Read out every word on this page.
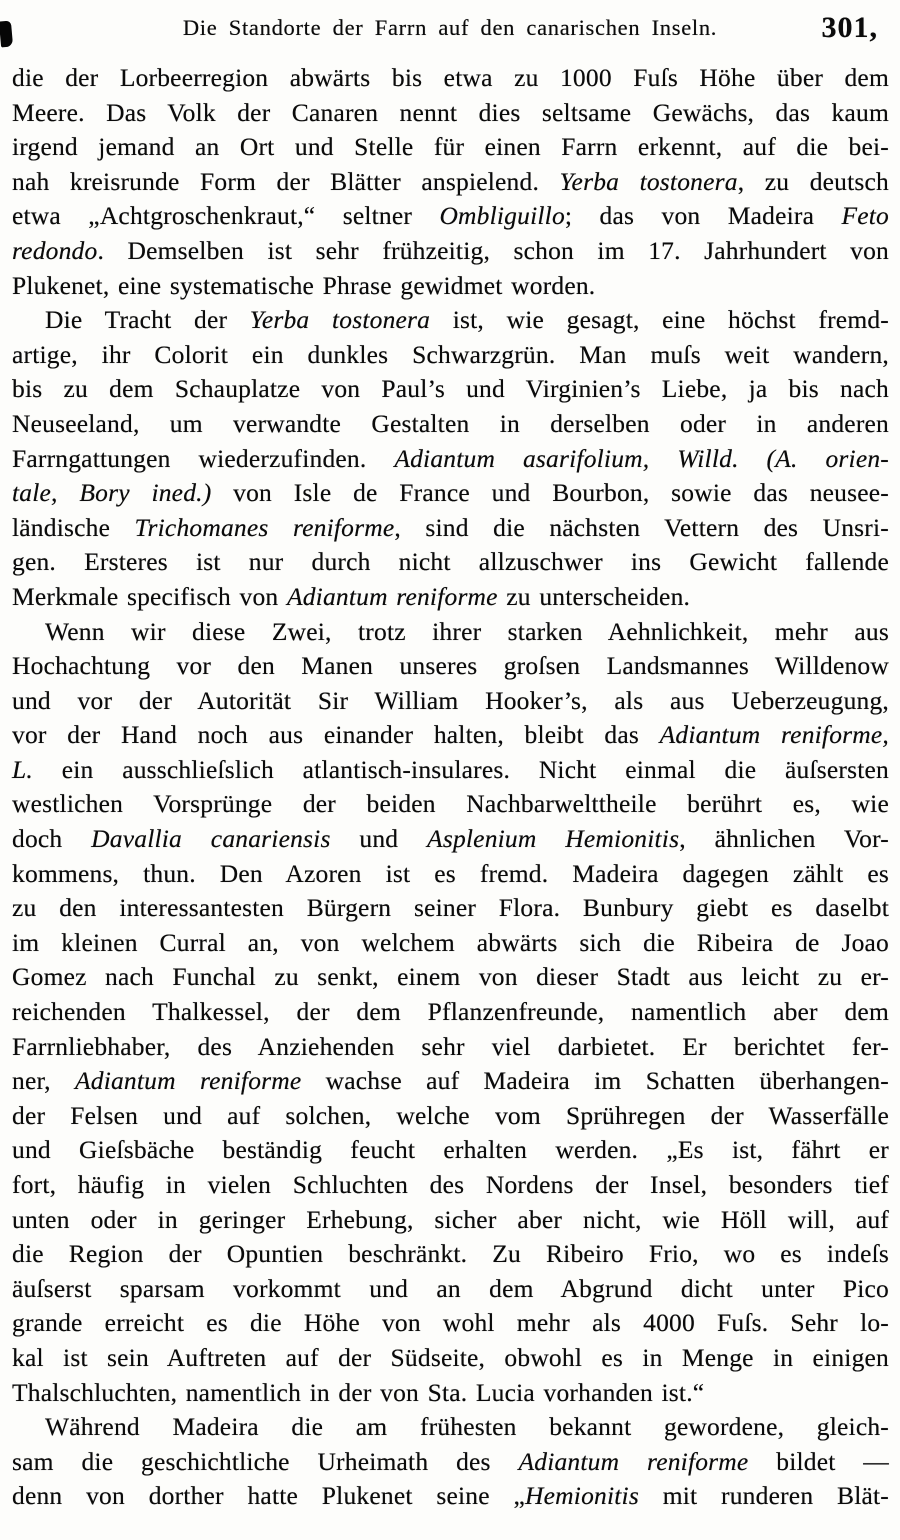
Die Standorte der Farrn auf den canarischen Inseln.	301,
die der Lorbeerregion abwärts bis etwa zu 1000 Fuſs Höhe über dem
Meere. Das Volk der Canaren nennt dies seltsame Gewächs, das kaum
irgend jemand an Ort und Stelle für einen Farrn erkennt, auf die bei-
nah kreisrunde Form der Blätter anspielend. Yerba tostonera, zu deutsch
etwa „Achtgroschenkraut,“ seltner Ombliguillo; das von Madeira Feto
redondo. Demselben ist sehr frühzeitig, schon im 17. Jahrhundert von
Plukenet, eine systematische Phrase gewidmet worden.
Die Tracht der Yerba tostonera ist, wie gesagt, eine höchst fremd-
artige, ihr Colorit ein dunkles Schwarzgrün. Man muſs weit wandern,
bis zu dem Schauplatze von Paul’s und Virginien’s Liebe, ja bis nach
Neuseeland, um verwandte Gestalten in derselben oder in anderen
Farrngattungen wiederzufinden. Adiantum asarifolium, Willd. (A. orien-
tale, Bory ined.) von Isle de France und Bourbon, sowie das neusee-
ländische Trichomanes reniforme, sind die nächsten Vettern des Unsri-
gen. Ersteres ist nur durch nicht allzuschwer ins Gewicht fallende
Merkmale specifisch von Adiantum reniforme zu unterscheiden.
Wenn wir diese Zwei, trotz ihrer starken Aehnlichkeit, mehr aus
Hochachtung vor den Manen unseres groſsen Landsmannes Willdenow
und vor der Autorität Sir William Hooker’s, als aus Ueberzeugung,
vor der Hand noch aus einander halten, bleibt das Adiantum reniforme,
L. ein ausschlieſslich atlantisch-insulares. Nicht einmal die äuſsersten
westlichen Vorsprünge der beiden Nachbarwelttheile berührt es, wie
doch Davallia canariensis und Asplenium Hemionitis, ähnlichen Vor-
kommens, thun. Den Azoren ist es fremd. Madeira dagegen zählt es
zu den interessantesten Bürgern seiner Flora. Bunbury giebt es daselbt
im kleinen Curral an, von welchem abwärts sich die Ribeira de Joao
Gomez nach Funchal zu senkt, einem von dieser Stadt aus leicht zu er-
reichenden Thalkessel, der dem Pflanzenfreunde, namentlich aber dem
Farrnliebhaber, des Anziehenden sehr viel darbietet. Er berichtet fer-
ner, Adiantum reniforme wachse auf Madeira im Schatten überhangen-
der Felsen und auf solchen, welche vom Sprühregen der Wasserfälle
und Gieſsbäche beständig feucht erhalten werden. „Es ist, fährt er
fort, häufig in vielen Schluchten des Nordens der Insel, besonders tief
unten oder in geringer Erhebung, sicher aber nicht, wie Höll will, auf
die Region der Opuntien beschränkt. Zu Ribeiro Frio, wo es indeſs
äuſserst sparsam vorkommt und an dem Abgrund dicht unter Pico
grande erreicht es die Höhe von wohl mehr als 4000 Fuſs. Sehr lo-
kal ist sein Auftreten auf der Südseite, obwohl es in Menge in einigen
Thalschluchten, namentlich in der von Sta. Lucia vorhanden ist.“
Während Madeira die am frühesten bekannt gewordene, gleich-
sam die geschichtliche Urheimath des Adiantum reniforme bildet —
denn von dorther hatte Plukenet seine „Hemionitis mit runderen Blät-
